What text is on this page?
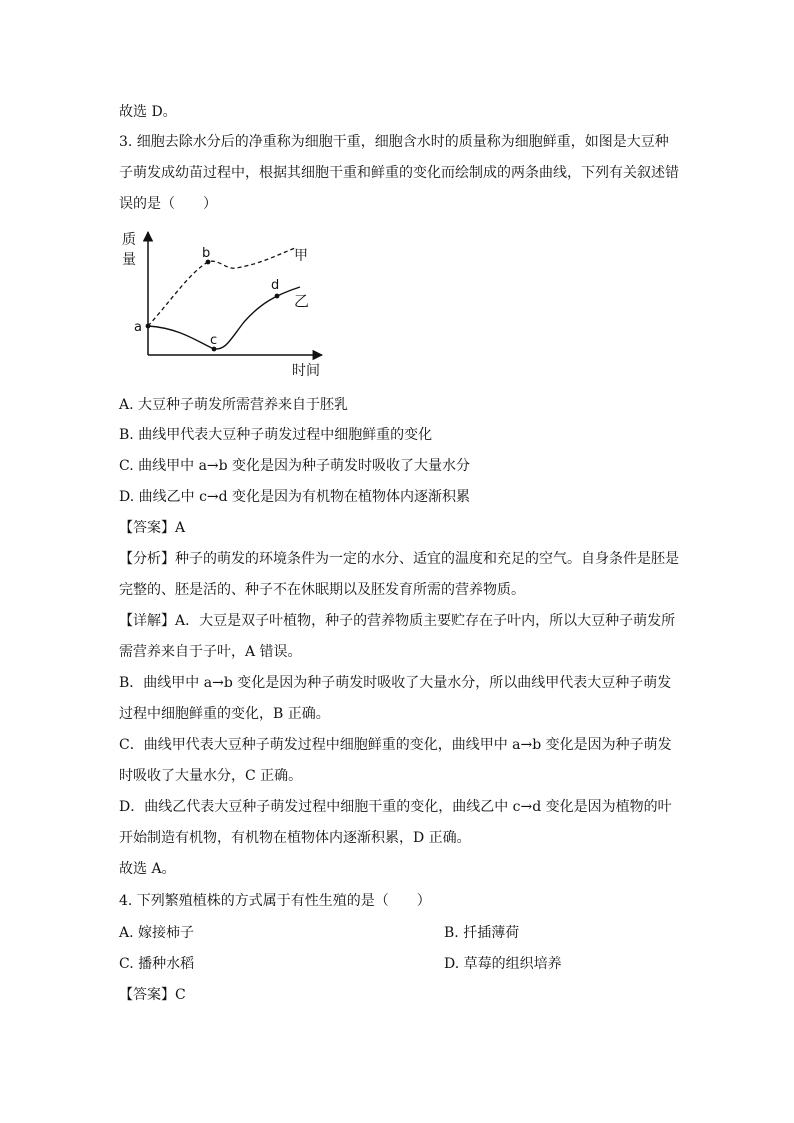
故选 D。
3. 细胞去除水分后的净重称为细胞干重，细胞含水时的质量称为细胞鲜重，如图是大豆种
子萌发成幼苗过程中，根据其细胞干重和鲜重的变化而绘制成的两条曲线，下列有关叙述错
误的是（　　）
质
量
时间
a
b
c
d
甲
乙
A. 大豆种子萌发所需营养来自于胚乳
B. 曲线甲代表大豆种子萌发过程中细胞鲜重的变化
C. 曲线甲中 a→b 变化是因为种子萌发时吸收了大量水分
D. 曲线乙中 c→d 变化是因为有机物在植物体内逐渐积累
【答案】A
【分析】种子的萌发的环境条件为一定的水分、适宜的温度和充足的空气。自身条件是胚是
完整的、胚是活的、种子不在休眠期以及胚发育所需的营养物质。
【详解】A．大豆是双子叶植物，种子的营养物质主要贮存在子叶内，所以大豆种子萌发所
需营养来自于子叶，A 错误。
B．曲线甲中 a→b 变化是因为种子萌发时吸收了大量水分，所以曲线甲代表大豆种子萌发
过程中细胞鲜重的变化，B 正确。
C．曲线甲代表大豆种子萌发过程中细胞鲜重的变化，曲线甲中 a→b 变化是因为种子萌发
时吸收了大量水分，C 正确。
D．曲线乙代表大豆种子萌发过程中细胞干重的变化，曲线乙中 c→d 变化是因为植物的叶
开始制造有机物，有机物在植物体内逐渐积累，D 正确。
故选 A。
4. 下列繁殖植株的方式属于有性生殖的是（　　）
A. 嫁接柿子	B. 扦插薄荷
C. 播种水稻	D. 草莓的组织培养
【答案】C
